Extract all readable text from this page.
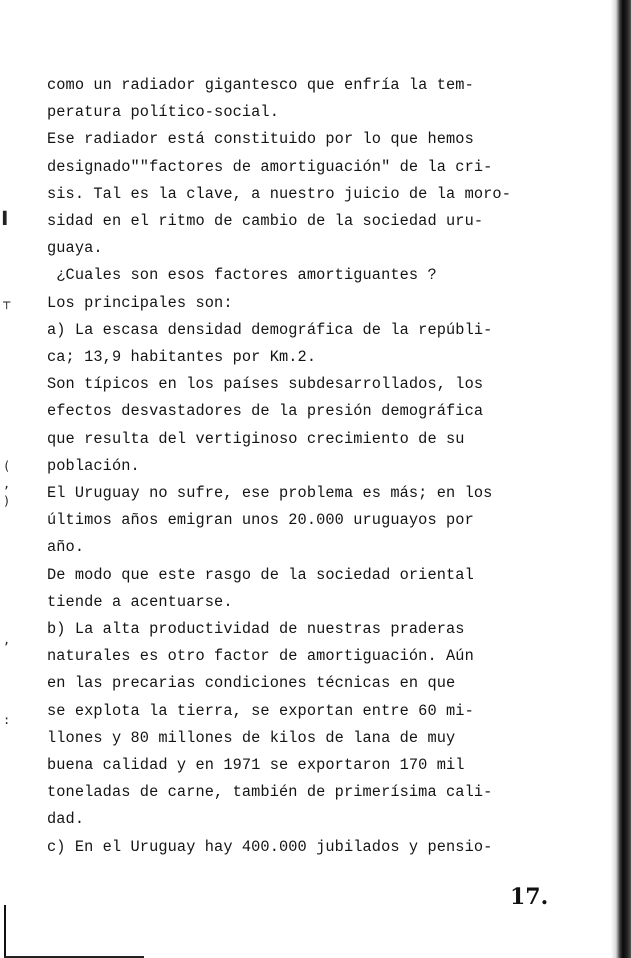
▌
┬
(
,
)
,
:
como un radiador gigantesco que enfría la tem-
peratura político-social.
Ese radiador está constituido por lo que hemos
designado""factores de amortiguación" de la cri-
sis. Tal es la clave, a nuestro juicio de la moro-
sidad en el ritmo de cambio de la sociedad uru-
guaya.
¿Cuales son esos factores amortiguantes ?
Los principales son:
a) La escasa densidad demográfica de la repúbli-
ca; 13,9 habitantes por Km.2.
Son típicos en los países subdesarrollados, los
efectos desvastadores de la presión demográfica
que resulta del vertiginoso crecimiento de su
población.
El Uruguay no sufre, ese problema es más; en los
últimos años emigran unos 20.000 uruguayos por
año.
De modo que este rasgo de la sociedad oriental
tiende a acentuarse.
b) La alta productividad de nuestras praderas
naturales es otro factor de amortiguación. Aún
en las precarias condiciones técnicas en que
se explota la tierra, se exportan entre 60 mi-
llones y 80 millones de kilos de lana de muy
buena calidad y en 1971 se exportaron 170 mil
toneladas de carne, también de primerísima cali-
dad.
c) En el Uruguay hay 400.000 jubilados y pensio-
17.
